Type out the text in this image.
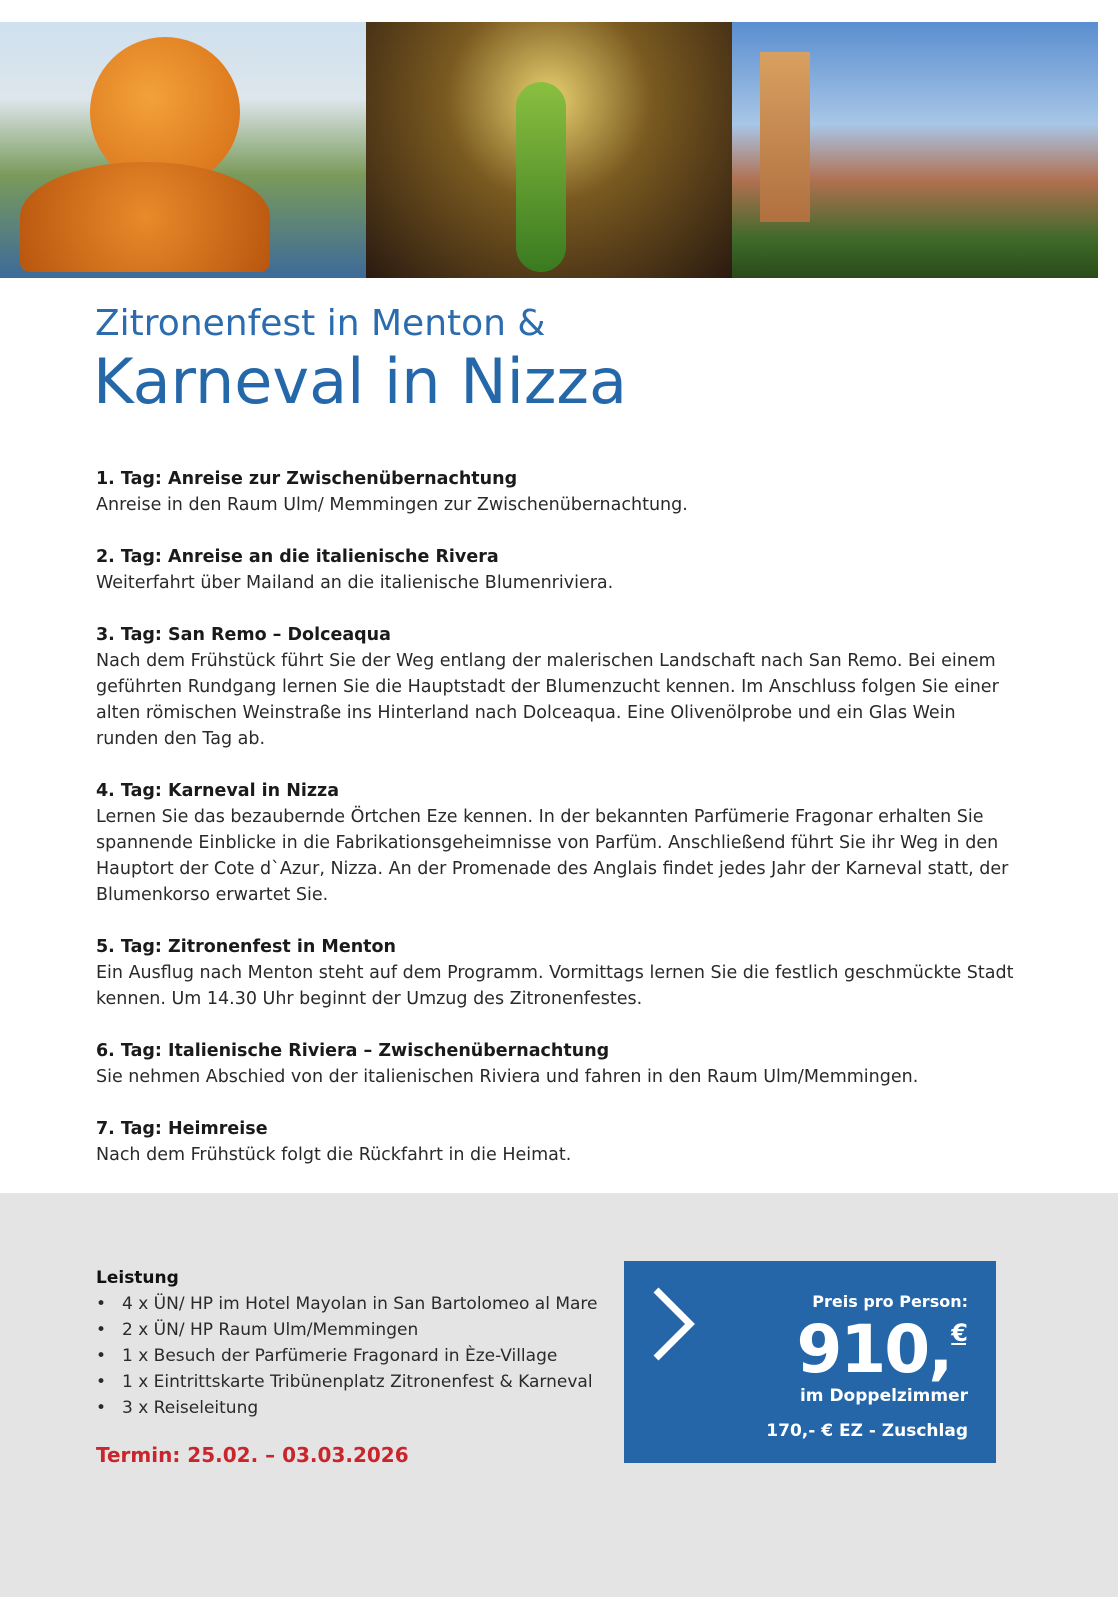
Zitronenfest in Menton &
Karneval in Nizza
1. Tag: Anreise zur Zwischenübernachtung

Anreise in den Raum Ulm/ Memmingen zur Zwischenübernachtung.

2. Tag: Anreise an die italienische Rivera

Weiterfahrt über Mailand an die italienische Blumenriviera.

3. Tag: San Remo – Dolceaqua

Nach dem Frühstück führt Sie der Weg entlang der malerischen Landschaft nach San Remo. Bei einem geführten Rundgang lernen Sie die Hauptstadt der Blumenzucht kennen. Im Anschluss folgen Sie einer alten römischen Weinstraße ins Hinterland nach Dolceaqua. Eine Olivenölprobe und ein Glas Wein runden den Tag ab.

4. Tag: Karneval in Nizza

Lernen Sie das bezaubernde Örtchen Eze kennen. In der bekannten Parfümerie Fragonar erhalten Sie spannende Einblicke in die Fabrikationsgeheimnisse von Parfüm. Anschließend führt Sie ihr Weg in den Hauptort der Cote d`Azur, Nizza. An der Promenade des Anglais findet jedes Jahr der Karneval statt, der Blumenkorso erwartet Sie.

5. Tag: Zitronenfest in Menton

Ein Ausflug nach Menton steht auf dem Programm. Vormittags lernen Sie die festlich geschmückte Stadt kennen. Um 14.30 Uhr beginnt der Umzug des Zitronenfestes.

6. Tag: Italienische Riviera – Zwischenübernachtung

Sie nehmen Abschied von der italienischen Riviera und fahren in den Raum Ulm/Memmingen.

7. Tag: Heimreise

Nach dem Frühstück folgt die Rückfahrt in die Heimat.

Leistung
• 4 x ÜN/ HP im Hotel Mayolan in San Bartolomeo al Mare
• 2 x ÜN/ HP Raum Ulm/Memmingen
• 1 x Besuch der Parfümerie Fragonard in Èze-Village
• 1 x Eintrittskarte Tribünenplatz Zitronenfest & Karneval
• 3 x Reiseleitung
Termin: 25.02. – 03.03.2026
Preis pro Person:
910,€
im Doppelzimmer
170,- € EZ - Zuschlag
